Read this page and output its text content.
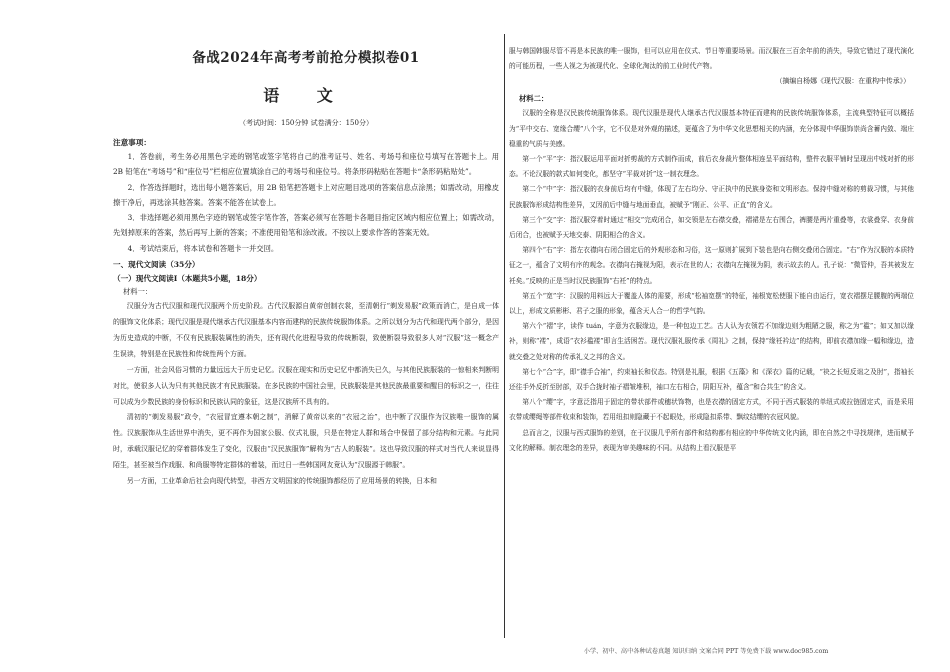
备战2024年高考考前抢分模拟卷01
语 文
（考试时间：150分钟 试卷满分：150分）
注意事项：

1．答卷前，考生务必用黑色字迹的钢笔或签字笔将自己的准考证号、姓名、考场号和座位号填写在答题卡上。用 2B 铅笔在“考场号”和“座位号”栏相应位置填涂自己的考场号和座位号。将条形码粘贴在答题卡“条形码粘贴处”。

2．作答选择题时，选出每小题答案后，用 2B 铅笔把答题卡上对应题目选项的答案信息点涂黑；如需改动，用橡皮擦干净后，再选涂其他答案。答案不能答在试卷上。

3．非选择题必须用黑色字迹的钢笔或签字笔作答，答案必须写在答题卡各题目指定区域内相应位置上；如需改动，先划掉原来的答案，然后再写上新的答案；不准使用铅笔和涂改液。不按以上要求作答的答案无效。

4．考试结束后，将本试卷和答题卡一并交回。

一、现代文阅读（35分）
（一）现代文阅读Ⅰ（本题共5小题，18分）

材料一：

汉服分为古代汉服和现代汉服两个历史阶段。古代汉服源自黄帝创制衣裳，至清朝行“剃发易服”政策而消亡，是自成一体的服饰文化体系；现代汉服是现代继承古代汉服基本内容而建构的民族传统服饰体系。之所以划分为古代和现代两个部分，是因为历史造成的中断，不仅有民族服装属性的消失，还有现代化进程导致的传统断裂，致使断裂导致很多人对“汉服”这一概念产生误读，特别是在民族性和传统性两个方面。

一方面，社会风俗习惯的力量远远大于历史记忆。汉服在现实和历史记忆中都消失已久，与其他民族服装的一惊相来判断明对比，使很多人认为只有其他民族才有民族服装。在多民族的中国社会里，民族服装是其他民族最重要和醒目的标识之一，往往可以成为少数民族的身份标识和民族认同的象征，这是汉族所不具有的。

清初的“剃发易服”政令，“衣冠冒宜遵本朝之制”，消解了黄帝以来的“衣冠之治”，也中断了汉服作为汉族唯一服饰的属性。汉族服饰从生活世界中消失，更不再作为国家公服、仪式礼服，只是在特定人群和场合中保留了部分结构和元素。与此同时，承载汉服记忆的穿着群体发生了变化，汉服由“汉民族服饰”解构为“古人的服装”。这也导致汉服的样式对当代人来说显得陌生，甚至被当作戏服、和尚服等特定群体的着装，而过日一些韩国网友竟认为“汉服源于韩服”。

另一方面，工业革命后社会向现代转型，非西方文明国家的传统服饰都经历了应用场景的转换，日本和

服与韩国韩服尽管不再是本民族的唯一服饰，但可以应用在仪式、节日等重要场景。而汉服在三百余年前的消失，导致它错过了现代演化的可能历程，一些人视之为被现代化、全球化淘汰的前工业时代产物。

（摘编自杨娜《现代汉服：在重构中传承》）

材料二：

汉服的全称是汉民族传统服饰体系。现代汉服是现代人继承古代汉服基本特征而建构的民族传统服饰体系，主流典型特征可以概括为“平中交右、宽缘合缨”八个字，它不仅是对外观的描述，更蕴含了为中华文化思想相关的内涵，充分体现中华服饰崇尚含蓄内敛、端庄稳重的气质与美感。

第一个“平”字：指汉服运用平面对折剪裁的方式制作而成，前后衣身裁片整体相连呈平面结构，整件衣服平铺时呈现出中线对折的形态。不论汉服的款式如何变化，都坚守“平裁对折”这一制衣理念。

第二个“中”字：指汉服的衣身前后均有中缝，体现了左右均分、守正执中的民族身姿和文明形态。保持中缝对称的剪裁习惯，与其他民族服饰形成结构性差异，又因前后中缝与地面垂直，被赋予“刚正、公平、正直”的含义。

第三个“交”字：指汉服穿着时通过“相交”完成闭合，如交领是左右襟交叠，褶裙是左右围合，裤腰是两片重叠等，衣裳叠穿、衣身前后闭合，也被赋予天地交泰、阴阳相合的含义。

第四个“右”字：指左衣襟向右闭合固定后的外观形态和习俗，这一原则扩展到下装也是向右侧交叠闭合固定。“右”作为汉服的本质特征之一，蕴含了文明有序的观念。衣襟向右掩视为阳，表示在世的人；衣襟向左掩视为阴，表示故去的人。孔子说：“微管仲，吾其被发左衽矣。”反映的正是当时汉民族服饰“右衽”的特点。

第五个“宽”字：汉服的用料远大于覆盖人体的需要，形成“松袖宽摆”的特征，袖根宽松使服下能自由运行，宽衣褶摆足腰腹的两端位以上，形成文质彬彬、君子之服的形象，蕴含天人合一的哲学气韵。

第六个“褶”字，读作 tuán，字意为衣服缘边，是一种包边工艺。古人认为衣领若不加缘边则为粗陋之服，称之为“褴”；如又加以缘补，则称“褛”，成语“衣衫褴褛”即言生活困苦。现代汉服礼服传承《周礼》之制，保持“缘衽衿边”的结构，即前衣襟加缘一幅和缘边，造就交叠之处对称的传承礼义之邦的含义。

第七个“合”字，即“襟手合袖”，约束袖长和仪态。特别是礼服，根据《五藻》和《深衣》篇的记载，“袂之长短反诎之及肘”，指袖长还往手外反折至肘部，双手合拢时袖子褶皱堆积，袖口左右相合，阴阳互补，蕴含“和合共生”的含义。

第八个“缨”字，字意泛指用于固定的带状部件或穗状饰物，也是衣襟的固定方式，不同于西式服装的单纽式或拉链固定式，而是采用衣带或缨绳等部件收束和装饰，若用纽扣则隐藏于不起眼处，形成隐扣系带、飘纹结缨的衣冠风貌。

总而言之，汉服与西式服饰的差别，在于汉服几乎所有部件和结构都有相应的中华传统文化内涵，即在自然之中寻找规律，进而赋予文化的解释。制衣理念的差异，表现为审美趣味的不同。从结构上看汉服是平

小学、初中、高中各种试卷真题 知识归纳 文案合同 PPT 等免费下载 www.doc985.com
